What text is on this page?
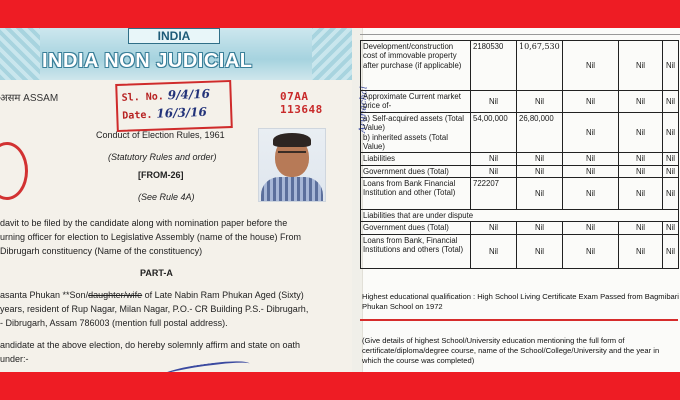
INDIA
INDIA NON JUDICIAL
असम ASSAM	Sl. No. 9/4/16
Date. 16/3/16
07AA 113648
Conduct of Election Rules, 1961
(Statutory Rules and order)
[FROM-26]
(See Rule 4A)
davit to be filed by the candidate along with nomination paper before the
urning officer for election to Legislative Assembly (name of the house) From
Dibrugarh constituency (Name of the constituency)
PART-A
asanta Phukan **Son/daughter/wife of Late Nabin Ram Phukan Aged (Sixty)
years, resident of Rup Nagar, Milan Nagar, P.O.- CR Building P.S.- Dibrugarh,
- Dibrugarh, Assam 786003 (mention full postal address).
andidate at the above election, do hereby solemnly affirm and state on oath
under:-
Arunachal
Development/construction cost of immovable property after purchase (if applicable)	2180530	10,67,530	Nil	Nil	Nil
Approximate Current market price of-	Nil	Nil	Nil	Nil	Nil
a) Self-acquired assets (Total Value)
b) inherited assets (Total Value)	54,00,000	26,80,000	Nil	Nil	Nil
Liabilities	Nil	Nil	Nil	Nil	Nil
Government dues (Total)	Nil	Nil	Nil	Nil	Nil
Loans from Bank Financial Institution and other (Total)	722207	Nil	Nil	Nil	Nil
Liabilities that are under dispute					
Government dues (Total)	Nil	Nil	Nil	Nil	Nil
Loans from Bank, Financial Institutions and others (Total)	Nil	Nil	Nil	Nil	Nil
Highest educational qualification : High School Living Certificate Exam Passed from Bagmibari Phukan School on 1972
(Give details of highest School/University education mentioning the full form of certificate/diploma/degree course, name of the School/College/University and the year in which the course was completed)
